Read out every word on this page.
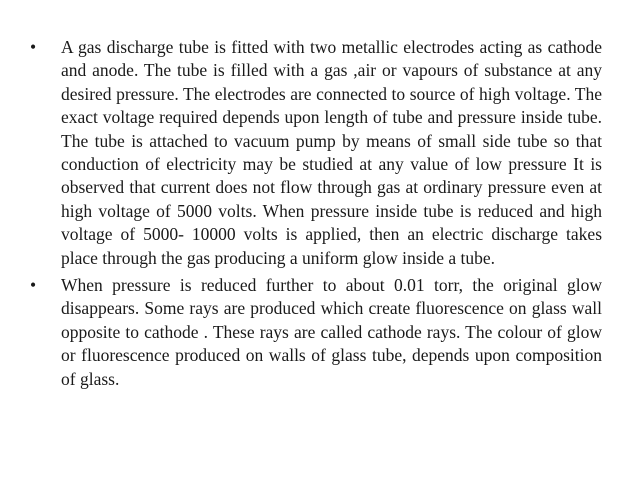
• A gas discharge tube is fitted with two metallic electrodes acting as cathode and anode. The tube is filled with a gas ,air or vapours of substance at any desired pressure. The electrodes are connected to source of high voltage. The exact voltage required depends upon length of tube and pressure inside tube. The tube is attached to vacuum pump by means of small side tube so that conduction of electricity may be studied at any value of low pressure It is observed that current does not flow through gas at ordinary pressure even at high voltage of 5000 volts. When pressure inside tube is reduced and high voltage of 5000- 10000 volts is applied, then an electric discharge takes place through the gas producing a uniform glow inside a tube.
• When pressure is reduced further to about 0.01 torr, the original glow disappears. Some rays are produced which create fluorescence on glass wall opposite to cathode . These rays are called cathode rays. The colour of glow or fluorescence produced on walls of glass tube, depends upon composition of glass.
